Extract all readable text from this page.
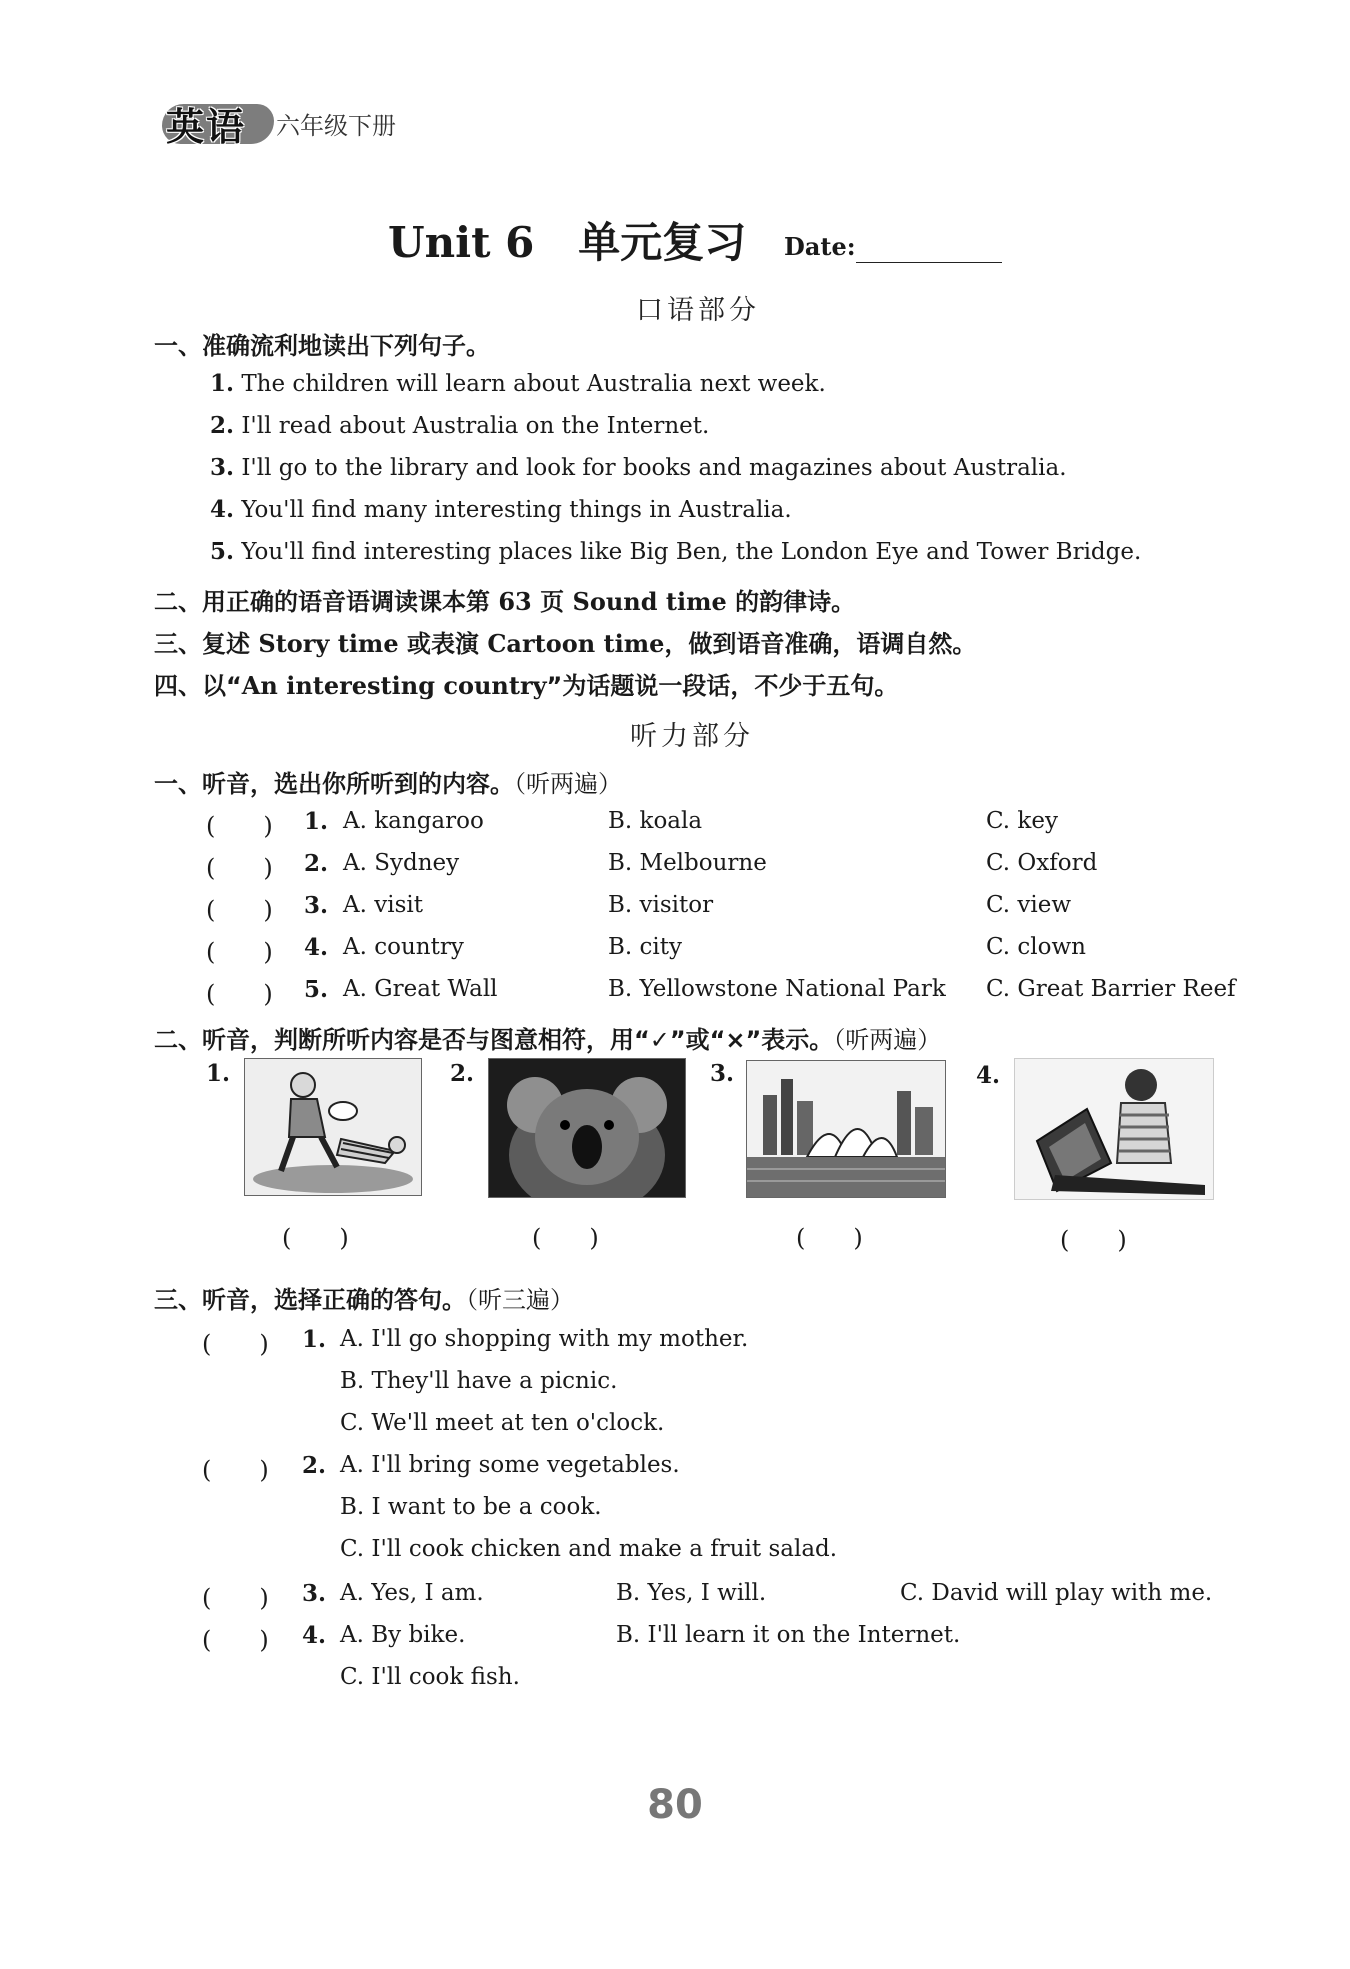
英语 六年级下册
Unit 6 单元复习 Date:
口语部分
一、准确流利地读出下列句子。
1. The children will learn about Australia next week.
2. I'll read about Australia on the Internet.
3. I'll go to the library and look for books and magazines about Australia.
4. You'll find many interesting things in Australia.
5. You'll find interesting places like Big Ben, the London Eye and Tower Bridge.
二、用正确的语音语调读课本第 63 页 Sound time 的韵律诗。
三、复述 Story time 或表演 Cartoon time，做到语音准确，语调自然。
四、以“An interesting country”为话题说一段话，不少于五句。
听力部分
一、听音，选出你所听到的内容。（听两遍）
(　　) 1. A. kangaroo	B. koala	C. key
(　　) 2. A. Sydney	B. Melbourne	C. Oxford
(　　) 3. A. visit	B. visitor	C. view
(　　) 4. A. country	B. city	C. clown
(　　) 5. A. Great Wall	B. Yellowstone National Park C. Great Barrier Reef
二、听音，判断所听内容是否与图意相符，用“✓”或“×”表示。（听两遍）
1.
(　　)
2.
(　　)
3.
(　　)
4.
(　　)
三、听音，选择正确的答句。（听三遍）
(　　) 1. A. I'll go shopping with my mother.
B. They'll have a picnic.
C. We'll meet at ten o'clock.
(　　) 2. A. I'll bring some vegetables.
B. I want to be a cook.
C. I'll cook chicken and make a fruit salad.
(　　) 3. A. Yes, I am.	B. Yes, I will.	C. David will play with me.
(　　) 4. A. By bike.	B. I'll learn it on the Internet.
C. I'll cook fish.
80
